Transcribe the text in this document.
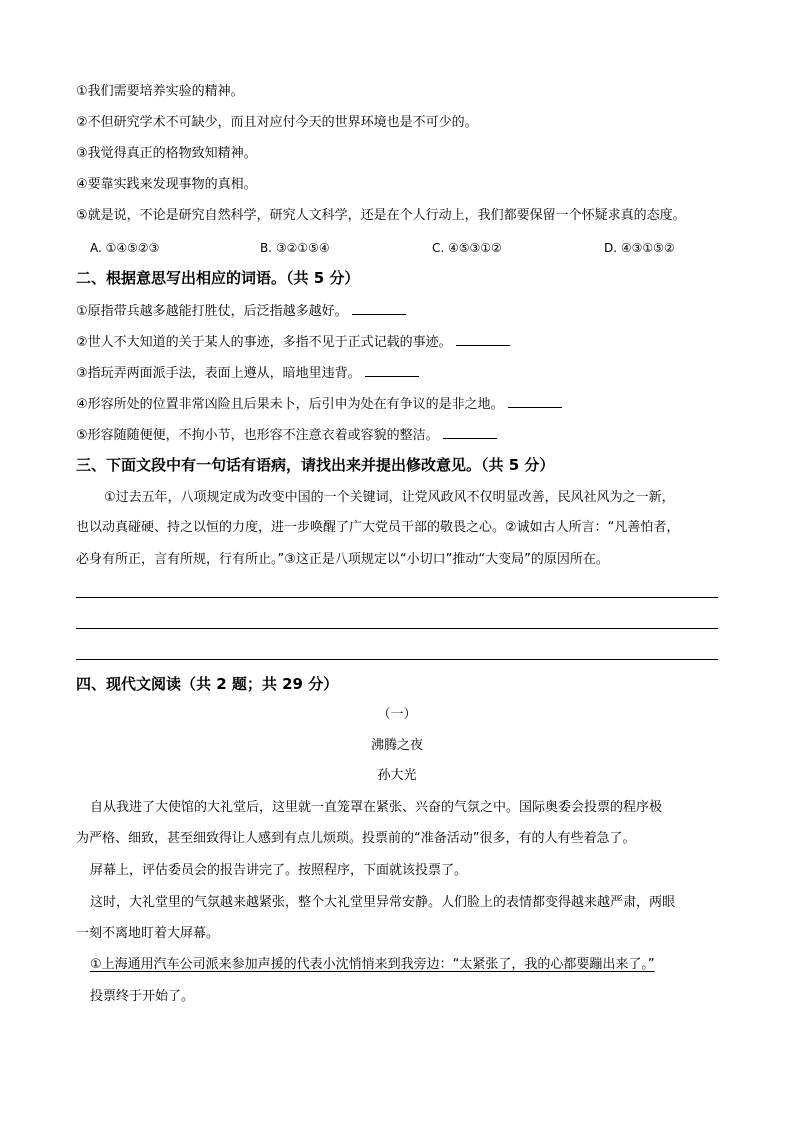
①我们需要培养实验的精神。
②不但研究学术不可缺少，而且对应付今天的世界环境也是不可少的。
③我觉得真正的格物致知精神。
④要靠实践来发现事物的真相。
⑤就是说，不论是研究自然科学，研究人文科学，还是在个人行动上，我们都要保留一个怀疑求真的态度。
A. ①④⑤②③	B. ③②①⑤④	C. ④⑤③①②	D. ④③①⑤②
二、根据意思写出相应的词语。（共 5 分）
①原指带兵越多越能打胜仗，后泛指越多越好。
②世人不大知道的关于某人的事迹，多指不见于正式记载的事迹。
③指玩弄两面派手法，表面上遵从，暗地里违背。
④形容所处的位置非常凶险且后果未卜，后引申为处在有争议的是非之地。
⑤形容随随便便，不拘小节，也形容不注意衣着或容貌的整洁。
三、下面文段中有一句话有语病，请找出来并提出修改意见。（共 5 分）
①过去五年，八项规定成为改变中国的一个关键词，让党风政风不仅明显改善，民风社风为之一新，
也以动真碰硬、持之以恒的力度，进一步唤醒了广大党员干部的敬畏之心。②诚如古人所言：“凡善怕者，
必身有所正，言有所规，行有所止。”③这正是八项规定以“小切口”推动“大变局”的原因所在。
四、现代文阅读（共 2 题；共 29 分）
（一）
沸腾之夜
孙大光
自从我进了大使馆的大礼堂后，这里就一直笼罩在紧张、兴奋的气氛之中。国际奥委会投票的程序极
为严格、细致，甚至细致得让人感到有点儿烦琐。投票前的“准备活动”很多，有的人有些着急了。
屏幕上，评估委员会的报告讲完了。按照程序，下面就该投票了。
这时，大礼堂里的气氛越来越紧张，整个大礼堂里异常安静。人们脸上的表情都变得越来越严肃，两眼
一刻不离地盯着大屏幕。
①上海通用汽车公司派来参加声援的代表小沈悄悄来到我旁边：“太紧张了，我的心都要蹦出来了。”
投票终于开始了。
